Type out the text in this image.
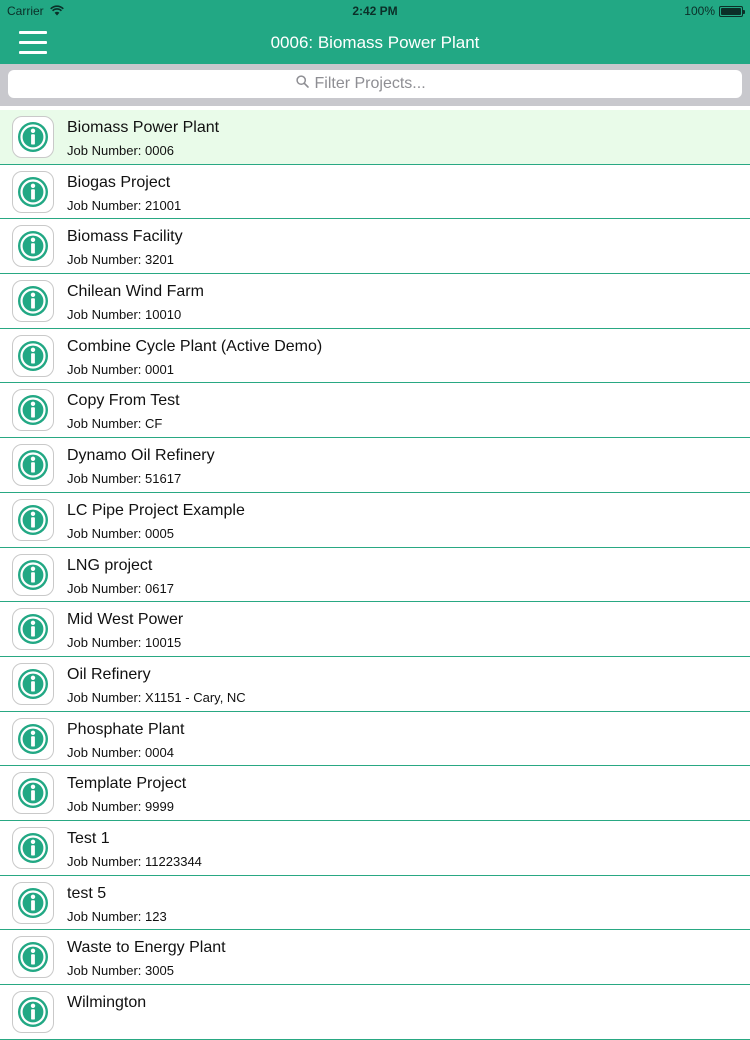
Carrier	2:42 PM	100%
0006: Biomass Power Plant
Filter Projects...
Biomass Power Plant
Job Number: 0006
Biogas Project
Job Number: 21001
Biomass Facility
Job Number: 3201
Chilean Wind Farm
Job Number: 10010
Combine Cycle Plant (Active Demo)
Job Number: 0001
Copy From Test
Job Number: CF
Dynamo Oil Refinery
Job Number: 51617
LC Pipe Project Example
Job Number: 0005
LNG project
Job Number: 0617
Mid West Power
Job Number: 10015
Oil Refinery
Job Number: X1151 - Cary, NC
Phosphate Plant
Job Number: 0004
Template Project
Job Number: 9999
Test 1
Job Number: 11223344
test 5
Job Number: 123
Waste to Energy Plant
Job Number: 3005
Wilmington
